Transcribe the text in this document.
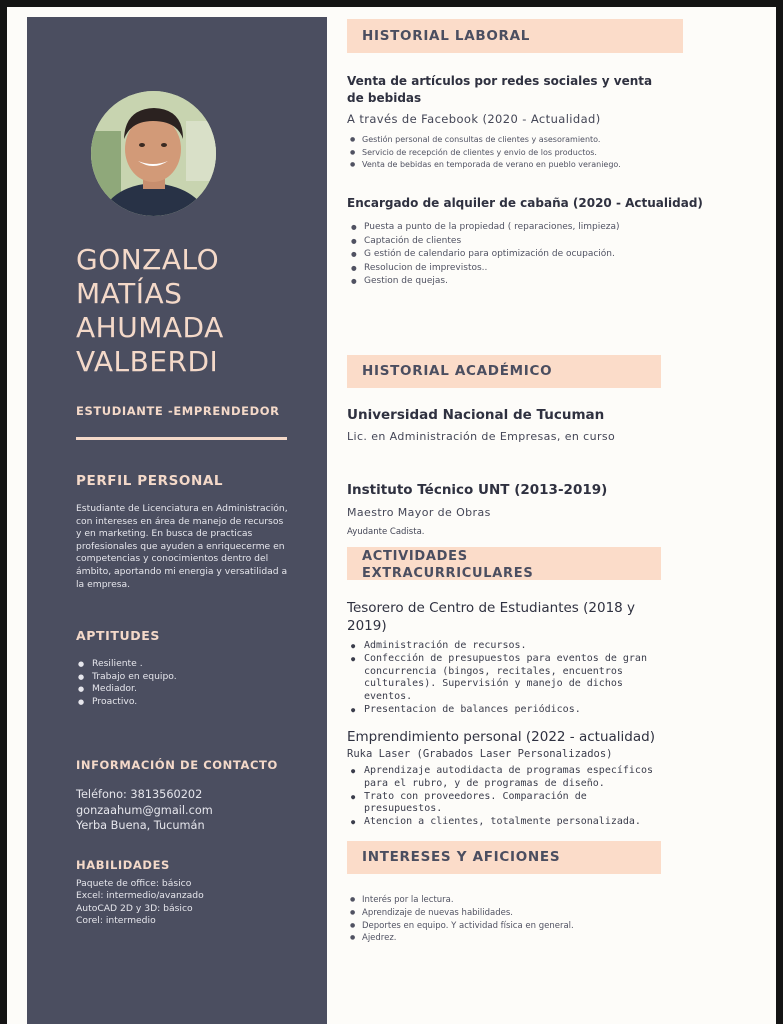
GONZALO
MATÍAS
AHUMADA
VALBERDI
ESTUDIANTE -EMPRENDEDOR
PERFIL PERSONAL
Estudiante de Licenciatura en Administración, con intereses en área de manejo de recursos y en marketing. En busca de practicas profesionales que ayuden a enriquecerme en competencias y conocimientos dentro del ámbito, aportando mi energia y versatilidad a la empresa.
APTITUDES
● Resiliente .
● Trabajo en equipo.
● Mediador.
● Proactivo.
INFORMACIÓN DE CONTACTO
Teléfono: 3813560202
gonzaahum@gmail.com
Yerba Buena, Tucumán
HABILIDADES
Paquete de office: básico
Excel: intermedio/avanzado
AutoCAD 2D y 3D: básico
Corel: intermedio
HISTORIAL LABORAL
Venta de artículos por redes sociales y venta de bebidas
A través de Facebook (2020 - Actualidad)
● Gestión personal de consultas de clientes y asesoramiento.
● Servicio de recepción de clientes y envio de los productos.
● Venta de bebidas en temporada de verano en pueblo veraniego.
Encargado de alquiler de cabaña (2020 - Actualidad)
● Puesta a punto de la propiedad ( reparaciones, limpieza)
● Captación de clientes
● G estión de calendario para optimización de ocupación.
● Resolucion de imprevistos..
● Gestion de quejas.
HISTORIAL ACADÉMICO
Universidad Nacional de Tucuman
Lic. en Administración de Empresas, en curso
Instituto Técnico UNT (2013-2019)
Maestro Mayor de Obras
Ayudante Cadista.
ACTIVIDADES
EXTRACURRICULARES
Tesorero de Centro de Estudiantes (2018 y 2019)
● Administración de recursos.
● Confección de presupuestos para eventos de gran concurrencia (bingos, recitales, encuentros culturales). Supervisión y manejo de dichos eventos.
● Presentacion de balances periódicos.
Emprendimiento personal (2022 - actualidad)
Ruka Laser (Grabados Laser Personalizados)
● Aprendizaje autodidacta de programas específicos para el rubro, y de programas de diseño.
● Trato con proveedores. Comparación de presupuestos.
● Atencion a clientes, totalmente personalizada.
INTERESES Y AFICIONES
● Interés por la lectura.
● Aprendizaje de nuevas habilidades.
● Deportes en equipo. Y actividad física en general.
● Ajedrez.
